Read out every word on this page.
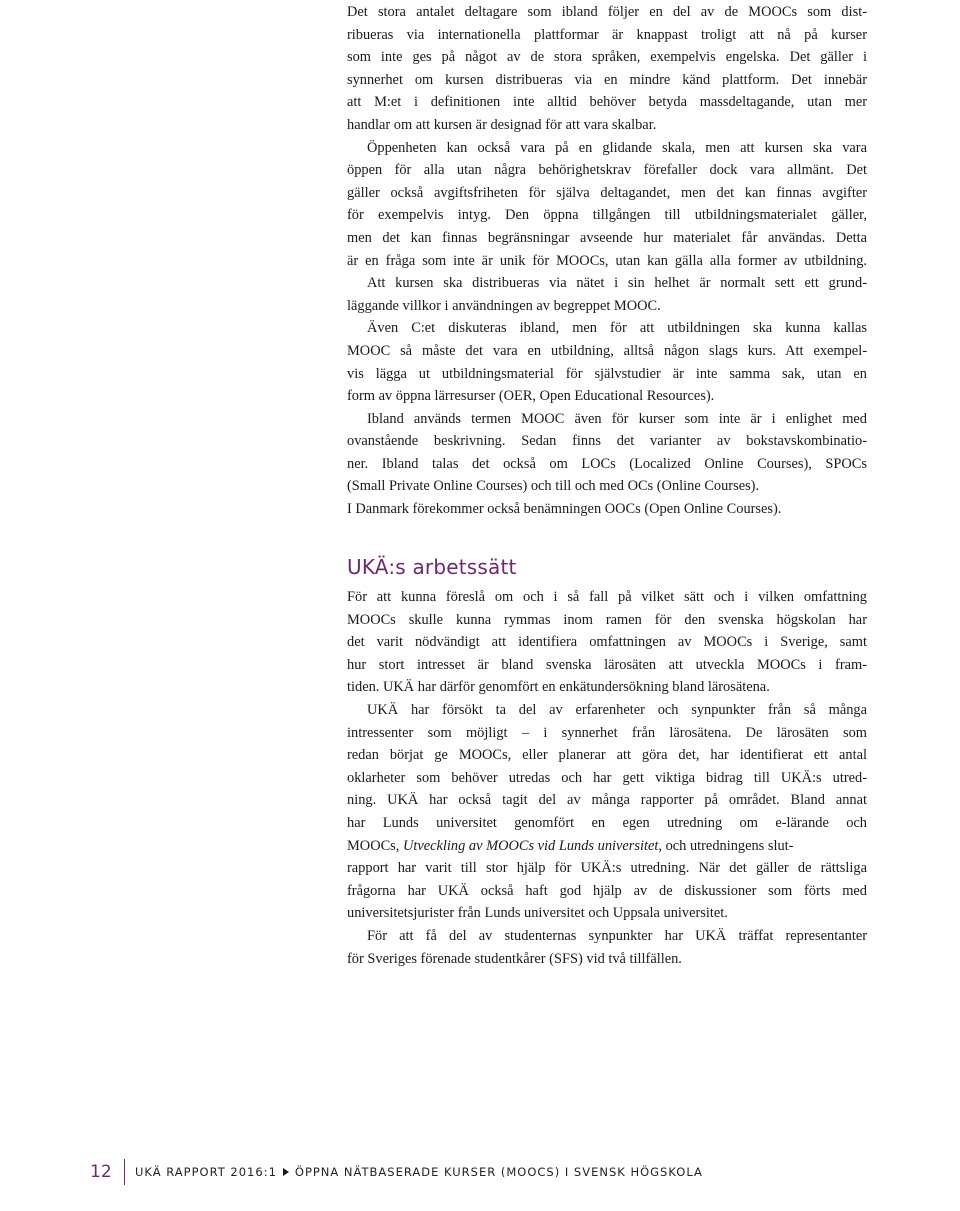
Det stora antalet deltagare som ibland följer en del av de MOOCs som dist-
ribueras via internationella plattformar är knappast troligt att nå på kurser
som inte ges på något av de stora språken, exempelvis engelska. Det gäller i
synnerhet om kursen distribueras via en mindre känd plattform. Det innebär
att M:et i definitionen inte alltid behöver betyda massdeltagande, utan mer
handlar om att kursen är designad för att vara skalbar.
Öppenheten kan också vara på en glidande skala, men att kursen ska vara
öppen för alla utan några behörighetskrav förefaller dock vara allmänt. Det
gäller också avgiftsfriheten för själva deltagandet, men det kan finnas avgifter
för exempelvis intyg. Den öppna tillgången till utbildningsmaterialet gäller,
men det kan finnas begränsningar avseende hur materialet får användas. Detta
är en fråga som inte är unik för MOOCs, utan kan gälla alla former av utbildning.
Att kursen ska distribueras via nätet i sin helhet är normalt sett ett grund-
läggande villkor i användningen av begreppet MOOC.
Även C:et diskuteras ibland, men för att utbildningen ska kunna kallas
MOOC så måste det vara en utbildning, alltså någon slags kurs. Att exempel-
vis lägga ut utbildningsmaterial för självstudier är inte samma sak, utan en
form av öppna lärresurser (OER, Open Educational Resources).
Ibland används termen MOOC även för kurser som inte är i enlighet med
ovanstående beskrivning. Sedan finns det varianter av bokstavskombinatio-
ner. Ibland talas det också om LOCs (Localized Online Courses), SPOCs
(Small Private Online Courses) och till och med OCs (Online Courses).
I Danmark förekommer också benämningen OOCs (Open Online Courses).
UKÄ:s arbetssätt
För att kunna föreslå om och i så fall på vilket sätt och i vilken omfattning
MOOCs skulle kunna rymmas inom ramen för den svenska högskolan har
det varit nödvändigt att identifiera omfattningen av MOOCs i Sverige, samt
hur stort intresset är bland svenska lärosäten att utveckla MOOCs i fram-
tiden. UKÄ har därför genomfört en enkätundersökning bland lärosätena.
UKÄ har försökt ta del av erfarenheter och synpunkter från så många
intressenter som möjligt – i synnerhet från lärosätena. De lärosäten som
redan börjat ge MOOCs, eller planerar att göra det, har identifierat ett antal
oklarheter som behöver utredas och har gett viktiga bidrag till UKÄ:s utred-
ning. UKÄ har också tagit del av många rapporter på området. Bland annat
har Lunds universitet genomfört en egen utredning om e-lärande och
MOOCs, Utveckling av MOOCs vid Lunds universitet, och utredningens slut-
rapport har varit till stor hjälp för UKÄ:s utredning. När det gäller de rättsliga
frågorna har UKÄ också haft god hjälp av de diskussioner som förts med
universitetsjurister från Lunds universitet och Uppsala universitet.
För att få del av studenternas synpunkter har UKÄ träffat representanter
för Sveriges förenade studentkårer (SFS) vid två tillfällen.
12	UKÄ RAPPORT 2016:1 ÖPPNA NÄTBASERADE KURSER (MOOCS) I SVENSK HÖGSKOLA
